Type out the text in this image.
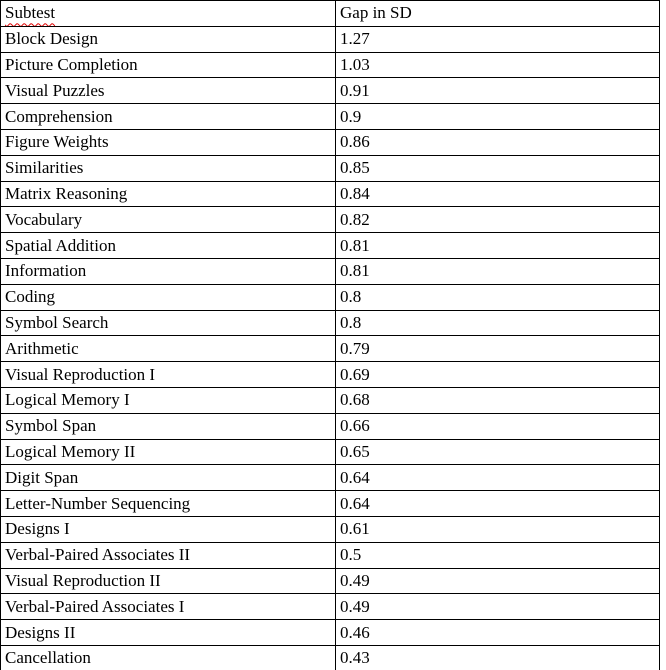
Subtest	Gap in SD
Block Design	1.27
Picture Completion	1.03
Visual Puzzles	0.91
Comprehension	0.9
Figure Weights	0.86
Similarities	0.85
Matrix Reasoning	0.84
Vocabulary	0.82
Spatial Addition	0.81
Information	0.81
Coding	0.8
Symbol Search	0.8
Arithmetic	0.79
Visual Reproduction I	0.69
Logical Memory I	0.68
Symbol Span	0.66
Logical Memory II	0.65
Digit Span	0.64
Letter-Number Sequencing	0.64
Designs I	0.61
Verbal-Paired Associates II	0.5
Visual Reproduction II	0.49
Verbal-Paired Associates I	0.49
Designs II	0.46
Cancellation	0.43
